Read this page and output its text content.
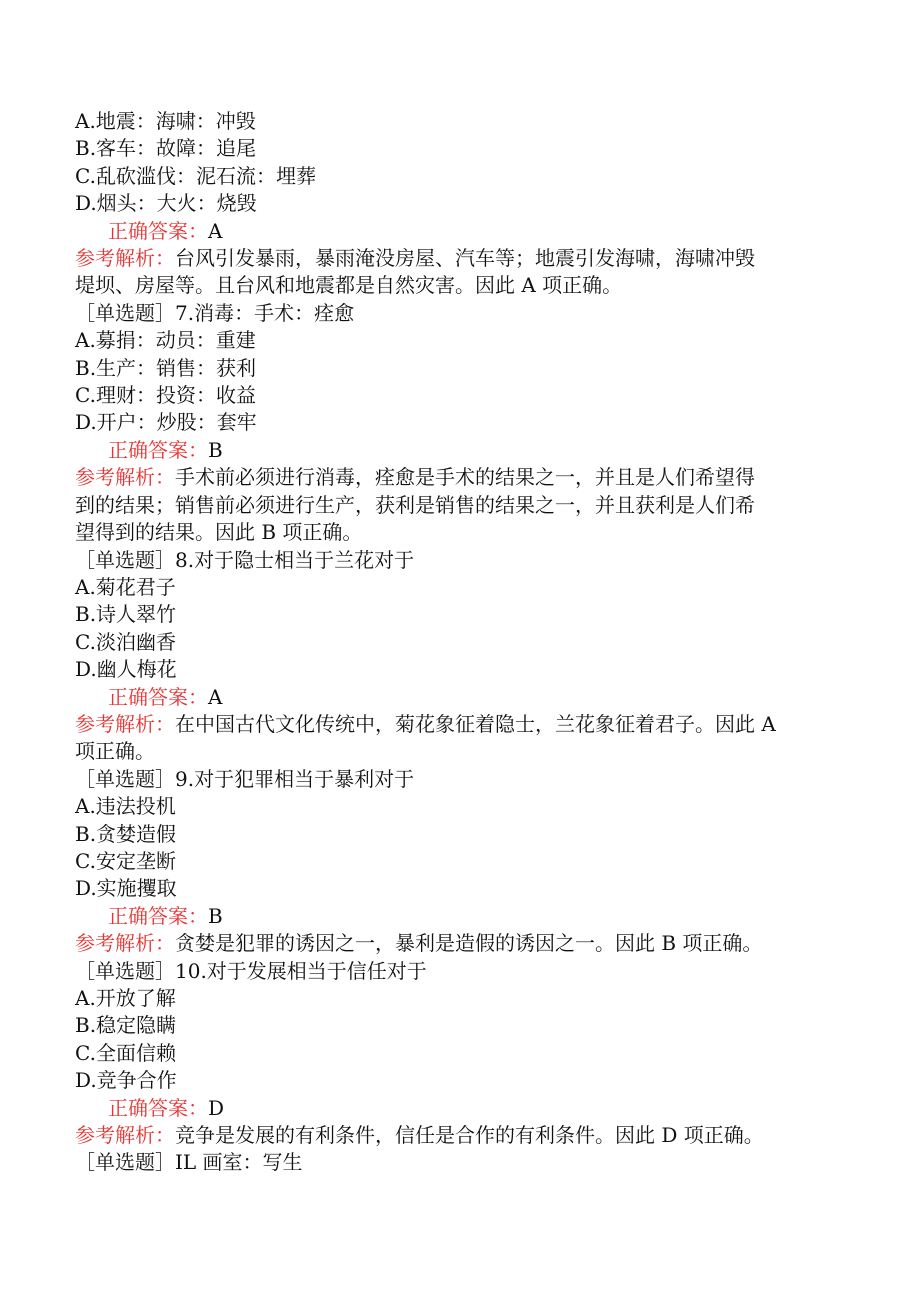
A.地震：海啸：冲毁

B.客车：故障：追尾

C.乱砍滥伐：泥石流：埋葬

D.烟头：大火：烧毁

正确答案：A

参考解析：台风引发暴雨，暴雨淹没房屋、汽车等；地震引发海啸，海啸冲毁

堤坝、房屋等。且台风和地震都是自然灾害。因此 A 项正确。

［单选题］7.消毒：手术：痊愈

A.募捐：动员：重建

B.生产：销售：获利

C.理财：投资：收益

D.开户：炒股：套牢

正确答案：B

参考解析：手术前必须进行消毒，痊愈是手术的结果之一，并且是人们希望得

到的结果；销售前必须进行生产，获利是销售的结果之一，并且获利是人们希

望得到的结果。因此 B 项正确。

［单选题］8.对于隐士相当于兰花对于

A.菊花君子

B.诗人翠竹

C.淡泊幽香

D.幽人梅花

正确答案：A

参考解析：在中国古代文化传统中，菊花象征着隐士，兰花象征着君子。因此 A

项正确。

［单选题］9.对于犯罪相当于暴利对于

A.违法投机

B.贪婪造假

C.安定垄断

D.实施攫取

正确答案：B

参考解析：贪婪是犯罪的诱因之一，暴利是造假的诱因之一。因此 B 项正确。

［单选题］10.对于发展相当于信任对于

A.开放了解

B.稳定隐瞒

C.全面信赖

D.竞争合作

正确答案：D

参考解析：竞争是发展的有利条件，信任是合作的有利条件。因此 D 项正确。

［单选题］IL 画室：写生
